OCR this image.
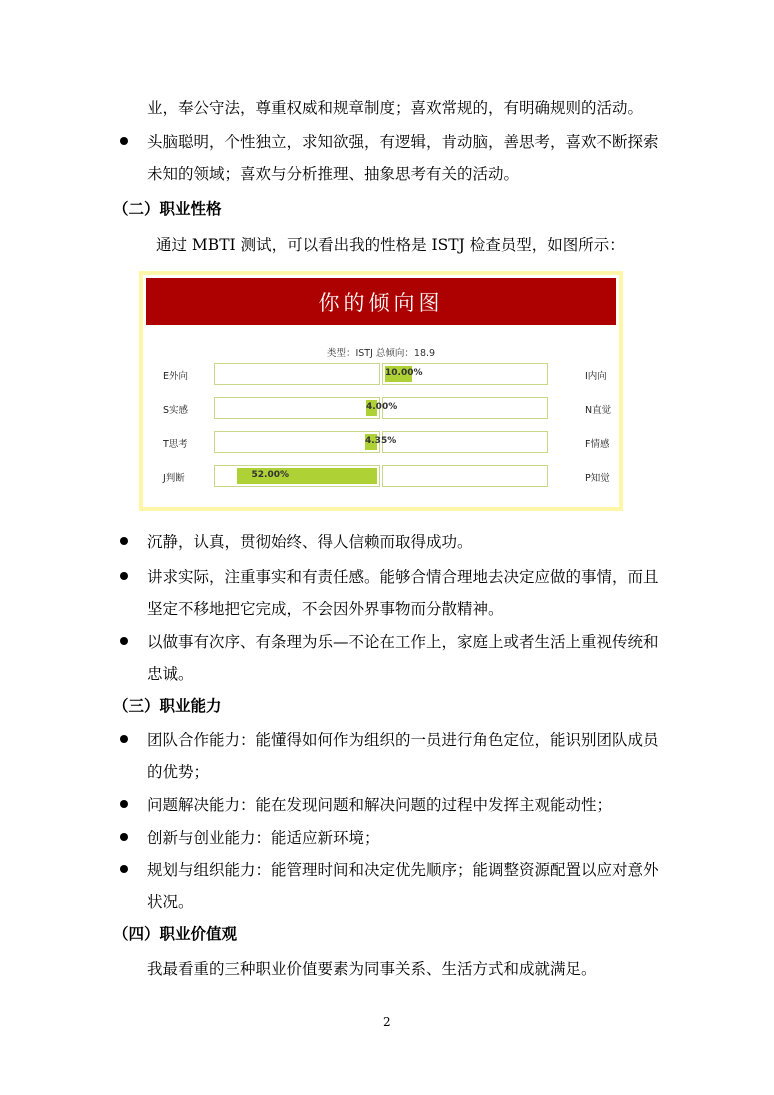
业，奉公守法，尊重权威和规章制度；喜欢常规的，有明确规则的活动。
头脑聪明，个性独立，求知欲强，有逻辑，肯动脑，善思考，喜欢不断探索
未知的领域；喜欢与分析推理、抽象思考有关的活动。
（二）职业性格
通过 MBTI 测试，可以看出我的性格是 ISTJ 检查员型，如图所示：
你的倾向图
类型：ISTJ 总倾向：18.9
E外向	I内向
10.00%
S实感	N直觉
4.00%
T思考	F情感
4.35%
J判断	P知觉
52.00%
沉静，认真，贯彻始终、得人信赖而取得成功。
讲求实际，注重事实和有责任感。能够合情合理地去决定应做的事情，而且
坚定不移地把它完成，不会因外界事物而分散精神。
以做事有次序、有条理为乐—不论在工作上，家庭上或者生活上重视传统和
忠诚。
（三）职业能力
团队合作能力：能懂得如何作为组织的一员进行角色定位，能识别团队成员
的优势；
问题解决能力：能在发现问题和解决问题的过程中发挥主观能动性；
创新与创业能力：能适应新环境；
规划与组织能力：能管理时间和决定优先顺序；能调整资源配置以应对意外
状况。
（四）职业价值观
我最看重的三种职业价值要素为同事关系、生活方式和成就满足。
2
